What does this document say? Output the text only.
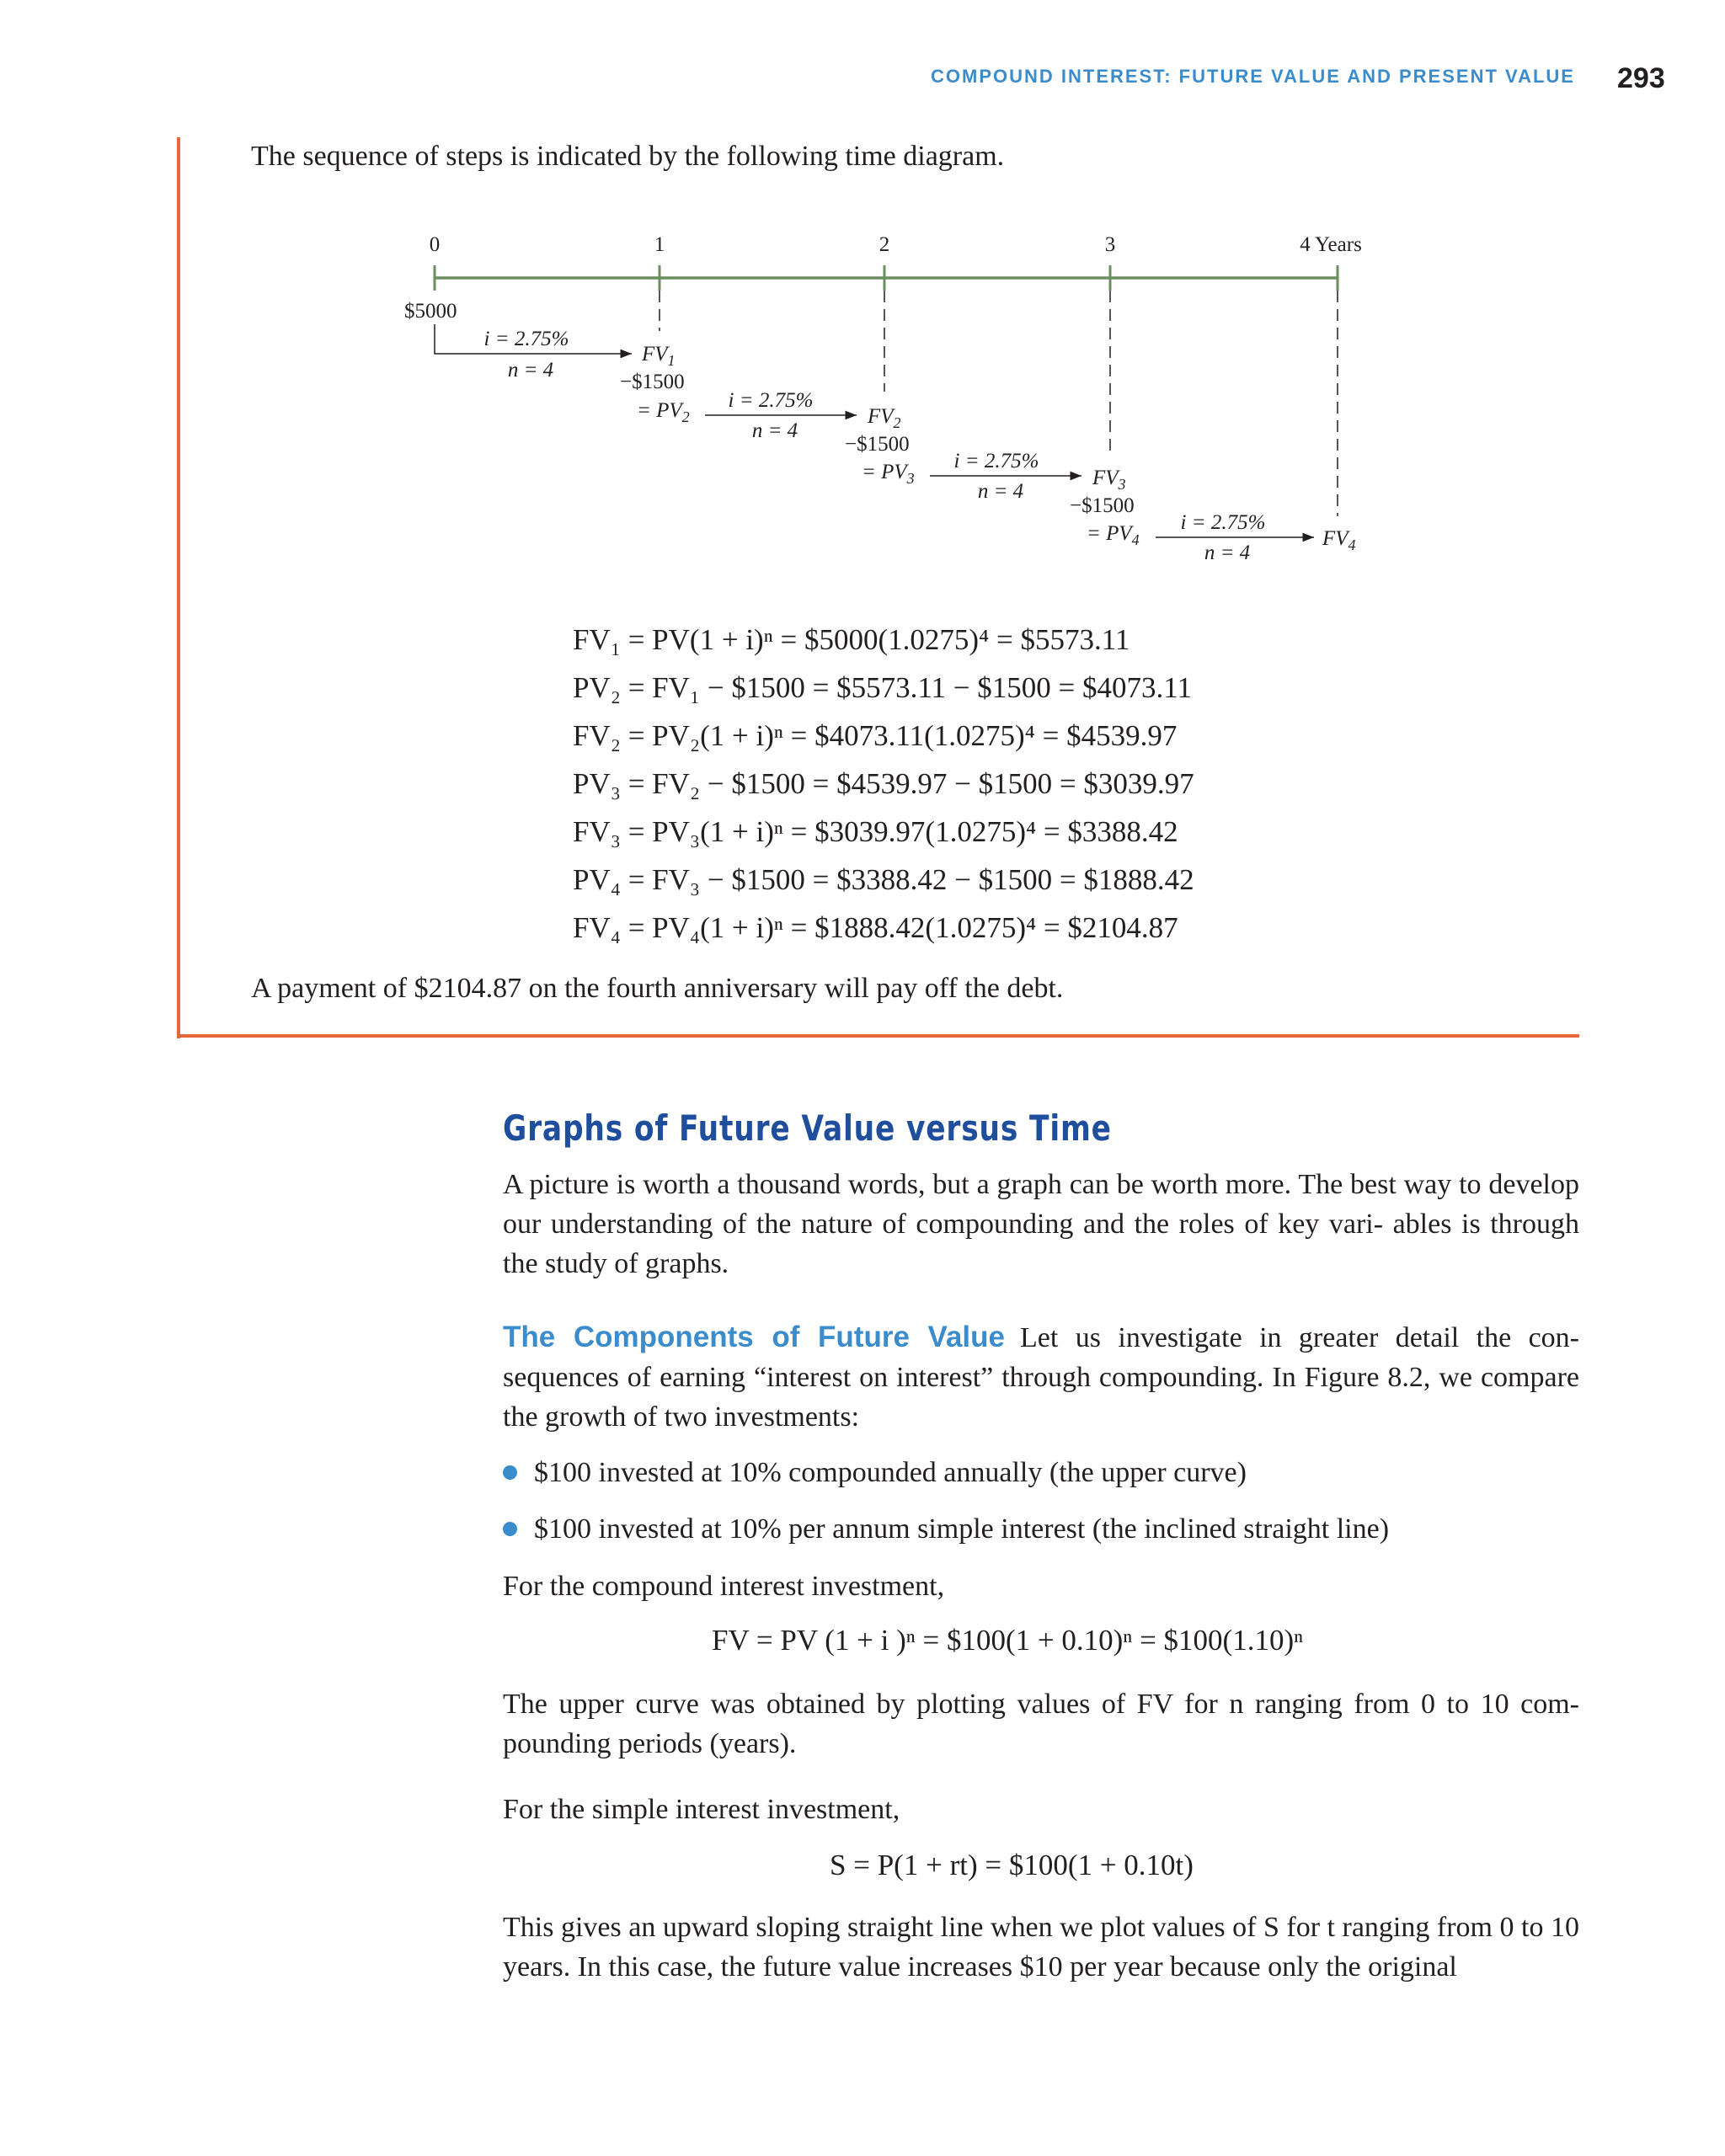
COMPOUND INTEREST: FUTURE VALUE AND PRESENT VALUE 293
The sequence of steps is indicated by the following time diagram.
0	1	2	3	4 Years
$5000
i = 2.75%
n = 4
$FV_1$
−$1500
= $PV_2$
i = 2.75%
n = 4
$FV_2$
−$1500
= $PV_3$
i = 2.75%
n = 4
$FV_3$
−$1500
= $PV_4$
i = 2.75%
n = 4
$FV_4$
FV₁ = PV(1 + i)ⁿ = $5000(1.0275)⁴ = $5573.11
PV₂ = FV₁ − $1500 = $5573.11 − $1500 = $4073.11
FV₂ = PV₂(1 + i)ⁿ = $4073.11(1.0275)⁴ = $4539.97
PV₃ = FV₂ − $1500 = $4539.97 − $1500 = $3039.97
FV₃ = PV₃(1 + i)ⁿ = $3039.97(1.0275)⁴ = $3388.42
PV₄ = FV₃ − $1500 = $3388.42 − $1500 = $1888.42
FV₄ = PV₄(1 + i)ⁿ = $1888.42(1.0275)⁴ = $2104.87
A payment of $2104.87 on the fourth anniversary will pay off the debt.
Graphs of Future Value versus Time
A picture is worth a thousand words, but a graph can be worth more. The best way to develop our understanding of the nature of compounding and the roles of key vari- ables is through the study of graphs.
The Components of Future Value Let us investigate in greater detail the con- sequences of earning “interest on interest” through compounding. In Figure 8.2, we compare the growth of two investments:
$100 invested at 10% compounded annually (the upper curve)
$100 invested at 10% per annum simple interest (the inclined straight line)
For the compound interest investment,
FV = PV (1 + i )ⁿ = $100(1 + 0.10)ⁿ = $100(1.10)ⁿ
The upper curve was obtained by plotting values of FV for n ranging from 0 to 10 com- pounding periods (years).
For the simple interest investment,
S = P(1 + rt) = $100(1 + 0.10t)
This gives an upward sloping straight line when we plot values of S for t ranging from 0 to 10 years. In this case, the future value increases $10 per year because only the original
